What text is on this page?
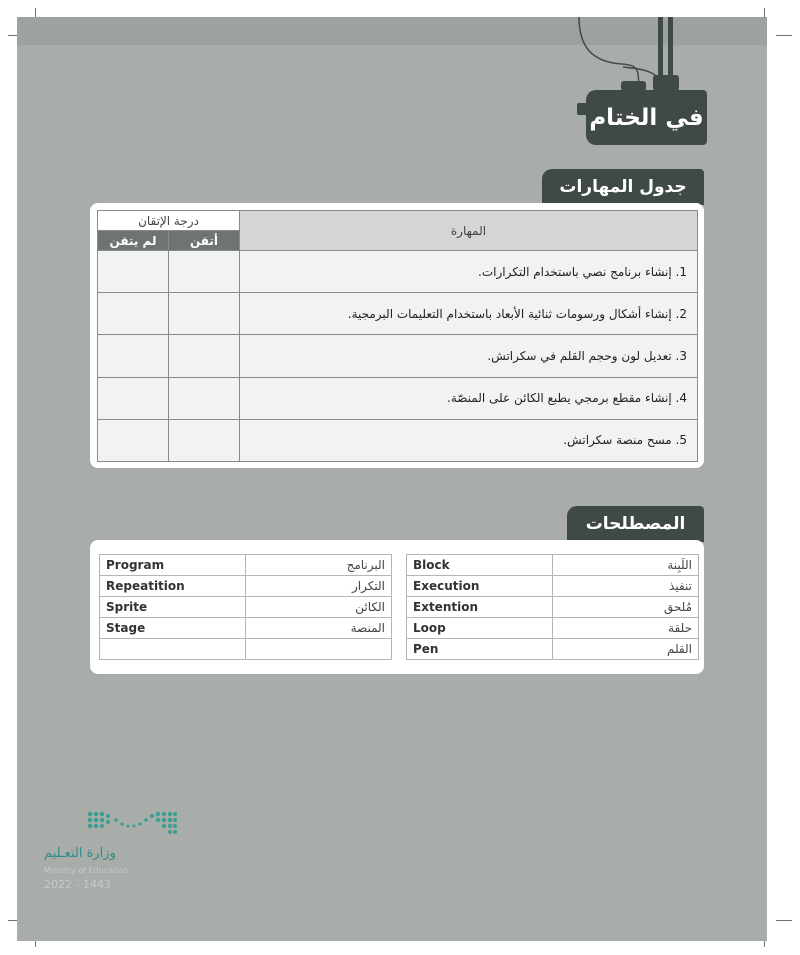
في الختام
جدول المهارات
المهارة	درجة الإتقان	
	أتقن	لم يتقن
1. إنشاء برنامج نصي باستخدام التكرارات.		
2. إنشاء أشكال ورسومات ثنائية الأبعاد باستخدام التعليمات البرمجية.		
3. تعديل لون وحجم القلم في سكراتش.		
4. إنشاء مقطع برمجي يطبع الكائن على المنصّة.		
5. مسح منصة سكراتش.		
المصطلحات
Block	اللَبِنة
Execution	تنفيذ
Extention	مُلحق
Loop	حلقة
Pen	القلم
Program	البرنامج
Repeatition	التكرار
Sprite	الكائن
Stage	المنصة

وزارة التعـليم
Ministry of Education
2022 - 1443
